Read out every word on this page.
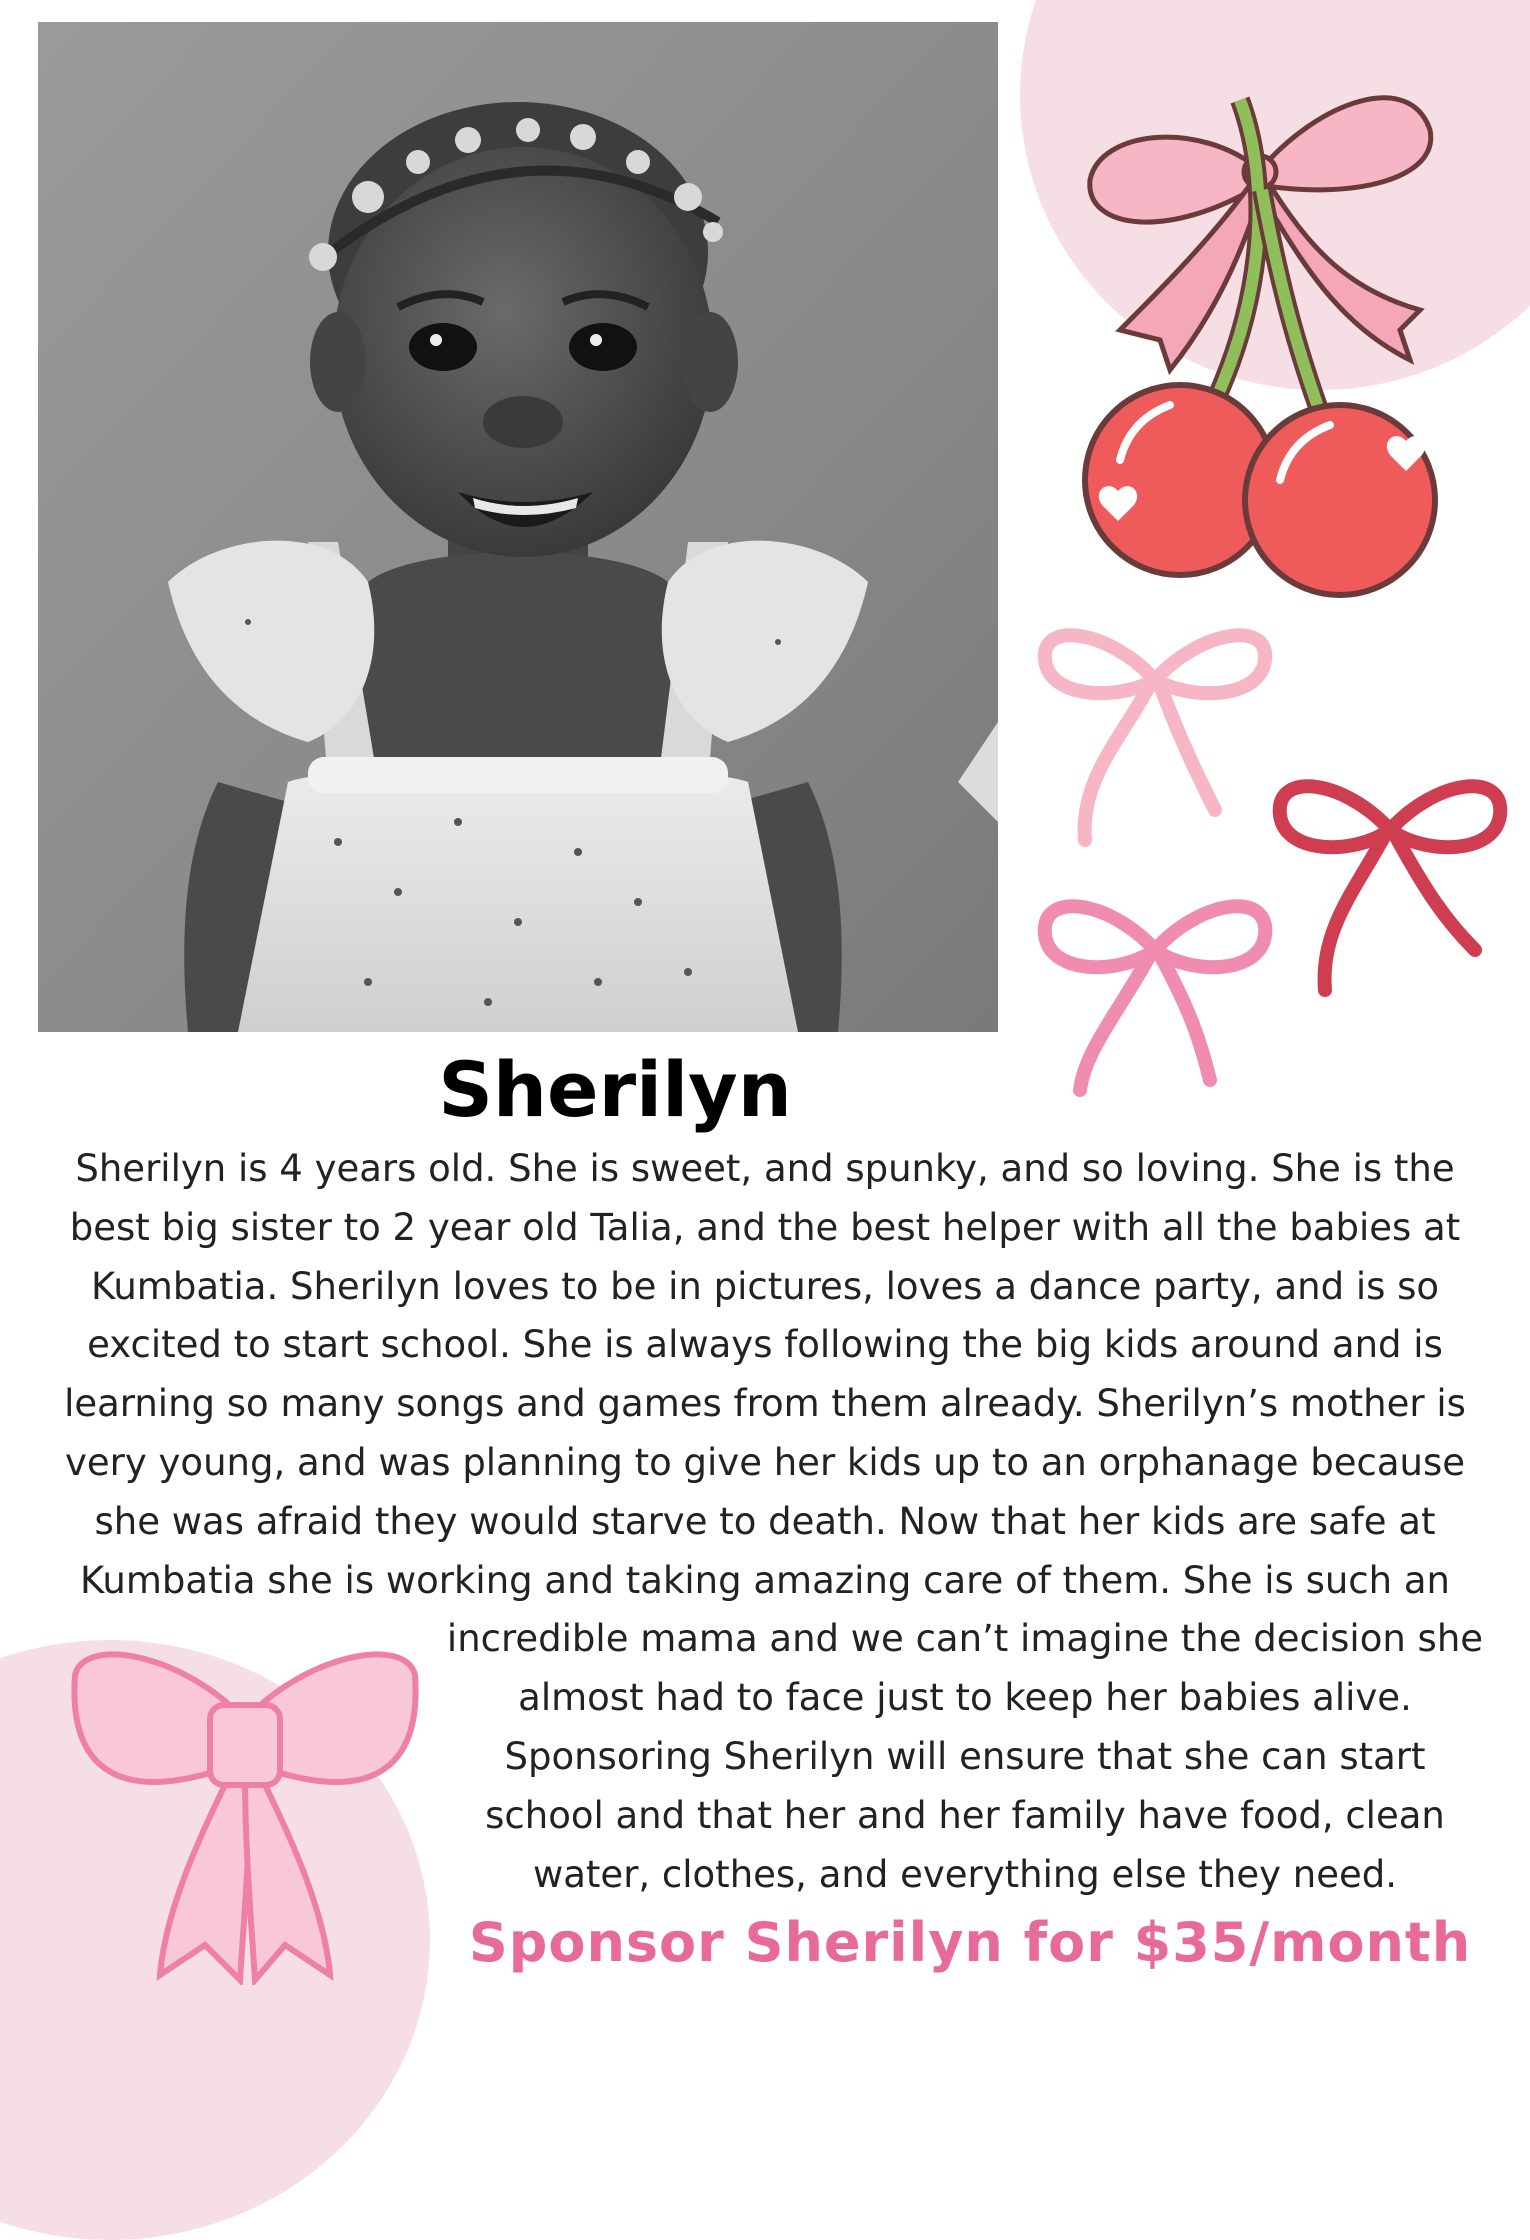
Sherilyn
Sherilyn is 4 years old. She is sweet, and spunky, and so loving. She is the
best big sister to 2 year old Talia, and the best helper with all the babies at
Kumbatia. Sherilyn loves to be in pictures, loves a dance party, and is so
excited to start school. She is always following the big kids around and is
learning so many songs and games from them already. Sherilyn’s mother is
very young, and was planning to give her kids up to an orphanage because
she was afraid they would starve to death. Now that her kids are safe at
Kumbatia she is working and taking amazing care of them. She is such an
incredible mama and we can’t imagine the decision she
almost had to face just to keep her babies alive.
Sponsoring Sherilyn will ensure that she can start
school and that her and her family have food, clean
water, clothes, and everything else they need.
Sponsor Sherilyn for $35/month
